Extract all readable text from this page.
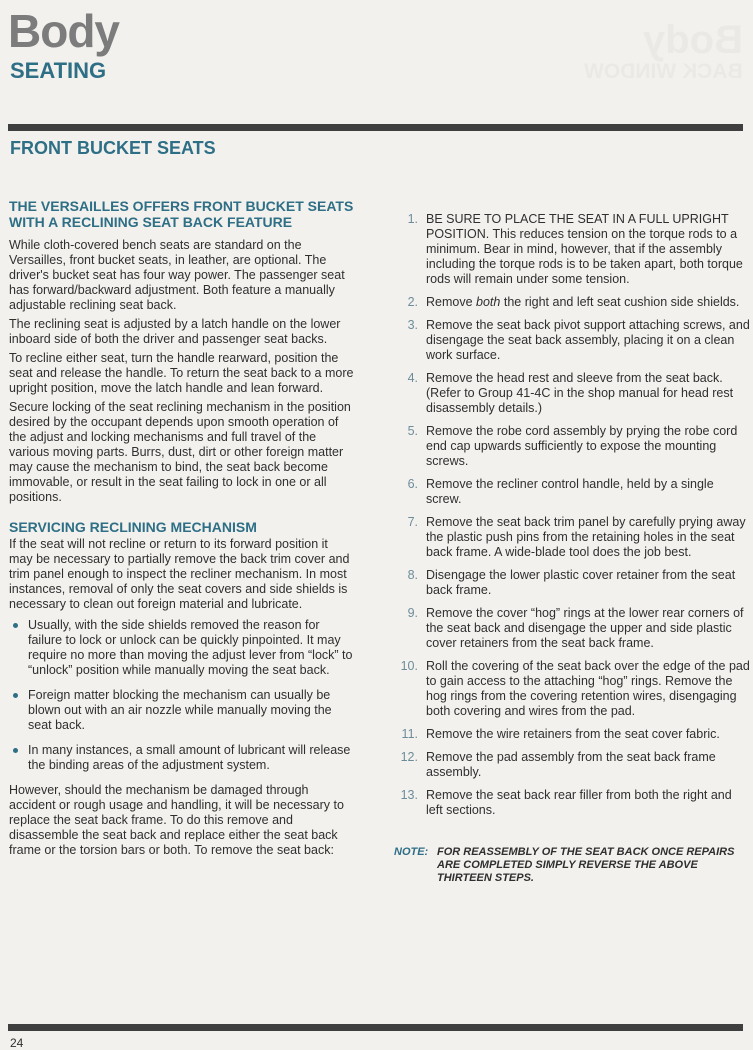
Body
BACK WINDOW
Body
SEATING
FRONT BUCKET SEATS
THE VERSAILLES OFFERS FRONT BUCKET SEATS WITH A RECLINING SEAT BACK FEATURE

While cloth-covered bench seats are standard on the Versailles, front bucket seats, in leather, are optional. The driver's bucket seat has four way power. The passenger seat has forward/backward adjustment. Both feature a manually adjustable reclining seat back.

The reclining seat is adjusted by a latch handle on the lower inboard side of both the driver and passenger seat backs.

To recline either seat, turn the handle rearward, position the seat and release the handle. To return the seat back to a more upright position, move the latch handle and lean forward.

Secure locking of the seat reclining mechanism in the position desired by the occupant depends upon smooth operation of the adjust and locking mechanisms and full travel of the various moving parts. Burrs, dust, dirt or other foreign matter may cause the mechanism to bind, the seat back become immovable, or result in the seat failing to lock in one or all positions.

SERVICING RECLINING MECHANISM

If the seat will not recline or return to its forward position it may be necessary to partially remove the back trim cover and trim panel enough to inspect the recliner mechanism. In most instances, removal of only the seat covers and side shields is necessary to clean out foreign material and lubricate.

Usually, with the side shields removed the reason for failure to lock or unlock can be quickly pinpointed. It may require no more than moving the adjust lever from “lock” to “unlock” position while manually moving the seat back.
Foreign matter blocking the mechanism can usually be blown out with an air nozzle while manually moving the seat back.
In many instances, a small amount of lubricant will release the binding areas of the adjustment system.

However, should the mechanism be damaged through accident or rough usage and handling, it will be necessary to replace the seat back frame. To do this remove and disassemble the seat back and replace either the seat back frame or the torsion bars or both. To remove the seat back:

1. BE SURE TO PLACE THE SEAT IN A FULL UPRIGHT POSITION. This reduces tension on the torque rods to a minimum. Bear in mind, however, that if the assembly including the torque rods is to be taken apart, both torque rods will remain under some tension.
2. Remove both the right and left seat cushion side shields.
3. Remove the seat back pivot support attaching screws, and disengage the seat back assembly, placing it on a clean work surface.
4. Remove the head rest and sleeve from the seat back. (Refer to Group 41-4C in the shop manual for head rest disassembly details.)
5. Remove the robe cord assembly by prying the robe cord end cap upwards sufficiently to expose the mounting screws.
6. Remove the recliner control handle, held by a single screw.
7. Remove the seat back trim panel by carefully prying away the plastic push pins from the retaining holes in the seat back frame. A wide-blade tool does the job best.
8. Disengage the lower plastic cover retainer from the seat back frame.
9. Remove the cover “hog” rings at the lower rear corners of the seat back and disengage the upper and side plastic cover retainers from the seat back frame.
10. Roll the covering of the seat back over the edge of the pad to gain access to the attaching “hog” rings. Remove the hog rings from the covering retention wires, disengaging both covering and wires from the pad.
11. Remove the wire retainers from the seat cover fabric.
12. Remove the pad assembly from the seat back frame assembly.
13. Remove the seat back rear filler from both the right and left sections.
NOTE: FOR REASSEMBLY OF THE SEAT BACK ONCE REPAIRS ARE COMPLETED SIMPLY REVERSE THE ABOVE THIRTEEN STEPS.
24
